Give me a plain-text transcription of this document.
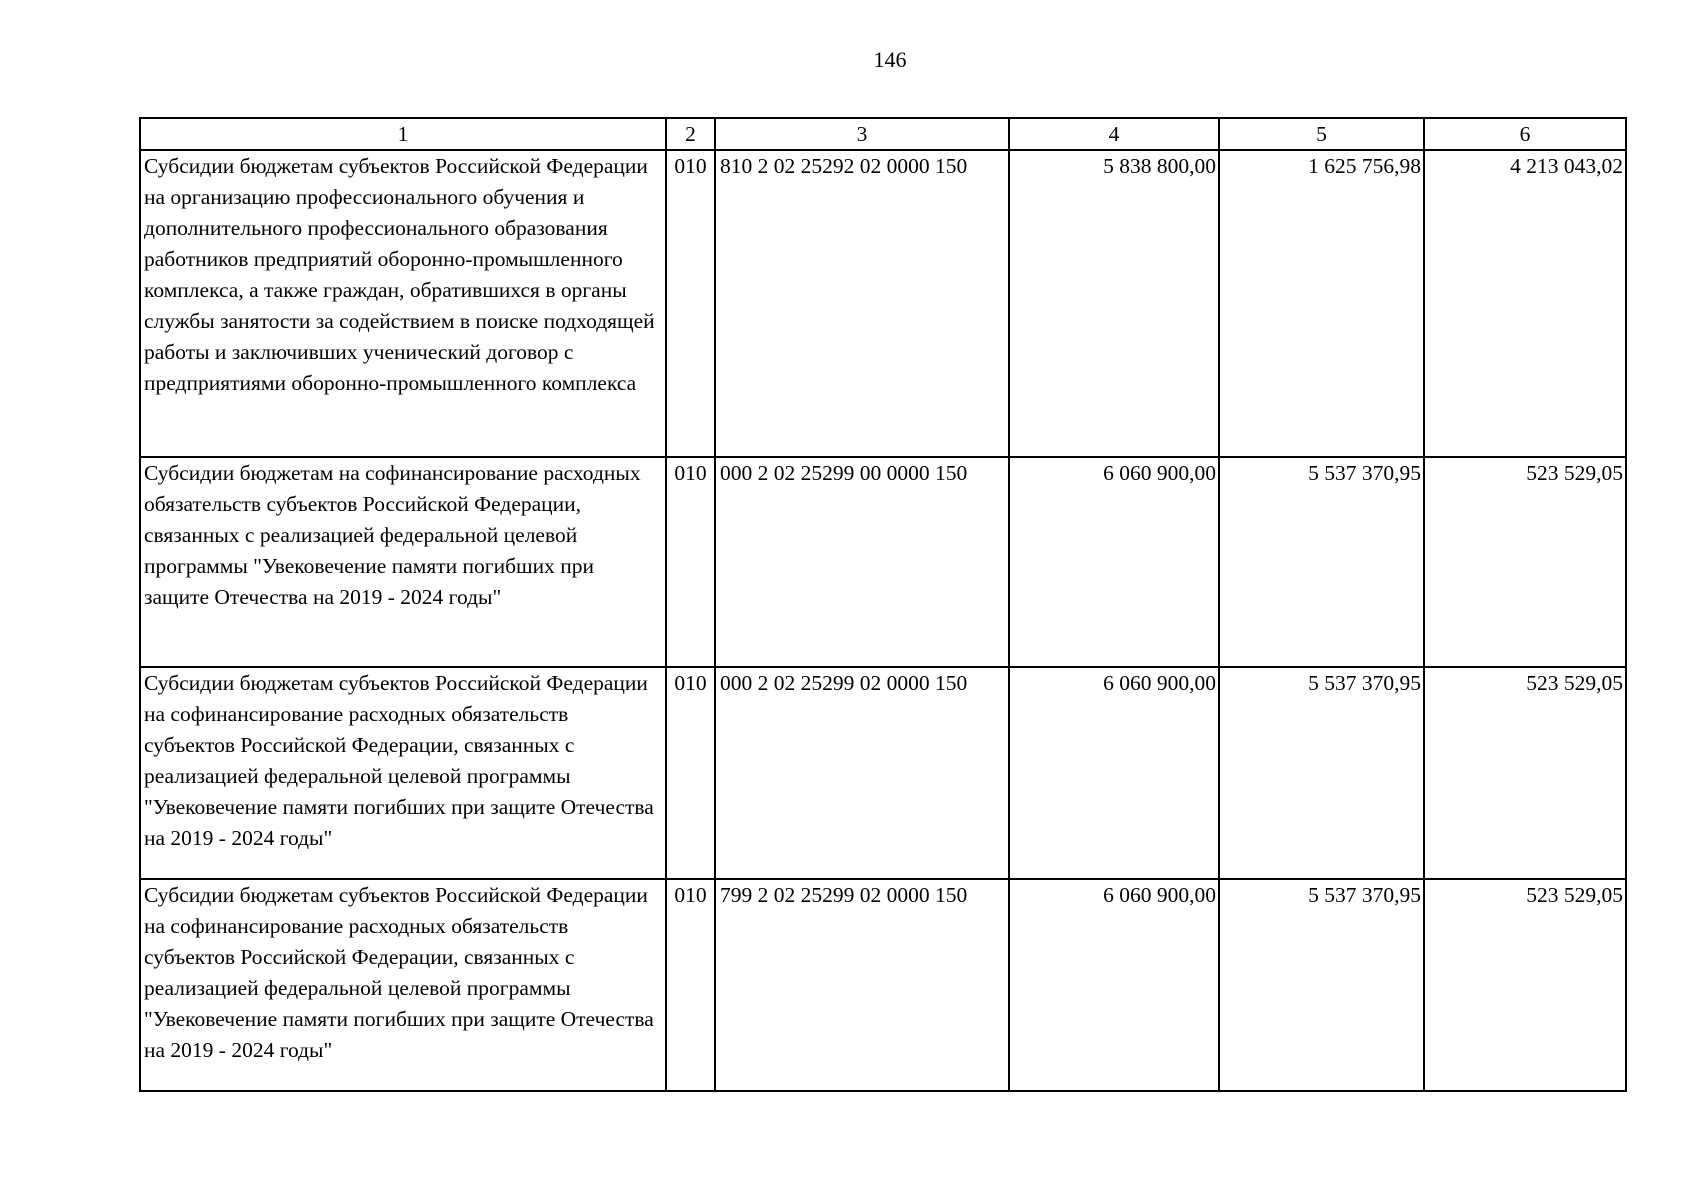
146
1	2	3	4	5	6
Субсидии бюджетам субъектов Российской Федерации на организацию профессионального обучения и дополнительного профессионального образования работников предприятий оборонно-промышленного комплекса, а также граждан, обратившихся в органы службы занятости за содействием в поиске подходящей работы и заключивших ученический договор с предприятиями оборонно-промышленного комплекса	010	810 2 02 25292 02 0000 150	5 838 800,00	1 625 756,98	4 213 043,02
Субсидии бюджетам на софинансирование расходных обязательств субъектов Российской Федерации, связанных с реализацией федеральной целевой программы "Увековечение памяти погибших при защите Отечества на 2019 - 2024 годы"	010	000 2 02 25299 00 0000 150	6 060 900,00	5 537 370,95	523 529,05
Субсидии бюджетам субъектов Российской Федерации на софинансирование расходных обязательств субъектов Российской Федерации, связанных с реализацией федеральной целевой программы "Увековечение памяти погибших при защите Отечества на 2019 - 2024 годы"	010	000 2 02 25299 02 0000 150	6 060 900,00	5 537 370,95	523 529,05
Субсидии бюджетам субъектов Российской Федерации на софинансирование расходных обязательств субъектов Российской Федерации, связанных с реализацией федеральной целевой программы "Увековечение памяти погибших при защите Отечества на 2019 - 2024 годы"	010	799 2 02 25299 02 0000 150	6 060 900,00	5 537 370,95	523 529,05
